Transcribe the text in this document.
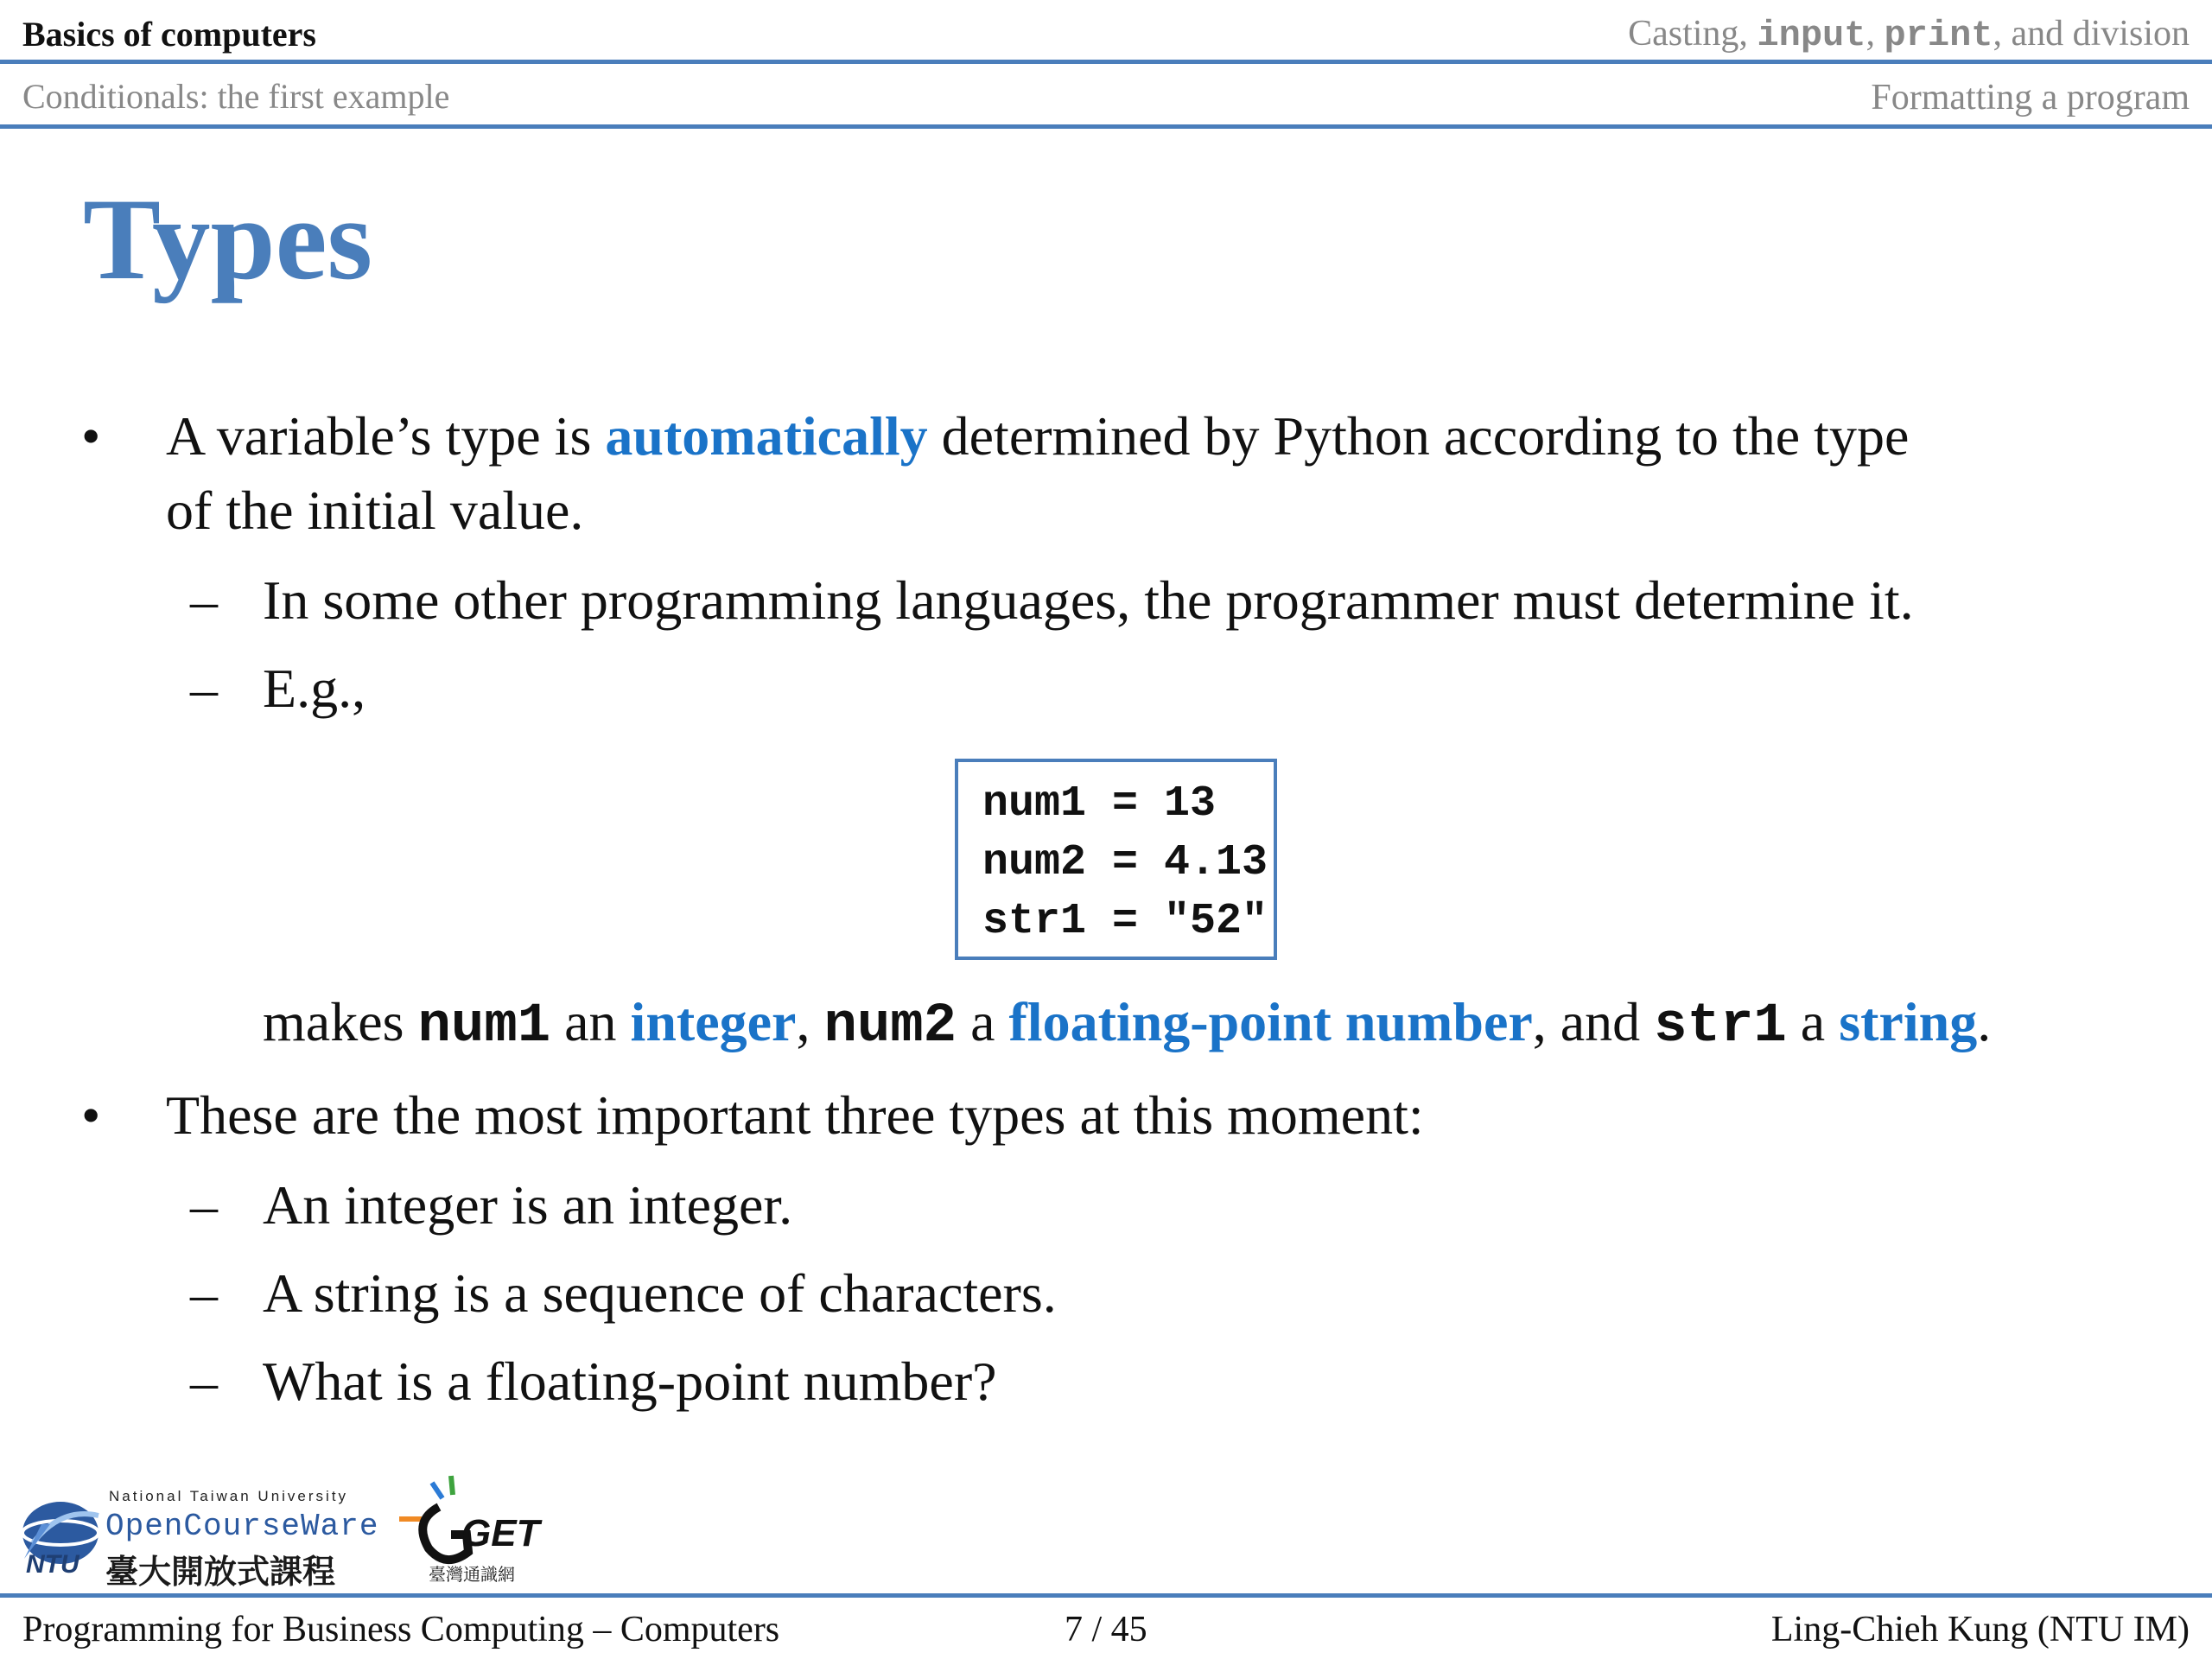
Basics of computers	Casting, input, print, and division
Conditionals: the first example	Formatting a program
Types
• A variable’s type is automatically determined by Python according to the type
of the initial value.
– In some other programming languages, the programmer must determine it.
– E.g.,
num1 = 13
num2 = 4.13
str1 = "52"
makes num1 an integer, num2 a floating-point number, and str1 a string.
• These are the most important three types at this moment:
– An integer is an integer.
– A string is a sequence of characters.
– What is a floating-point number?
NTU
National Taiwan University
OpenCourseWare
臺大開放式課程
GET
臺灣通識網
Programming for Business Computing – Computers	7 / 45	Ling-Chieh Kung (NTU IM)
